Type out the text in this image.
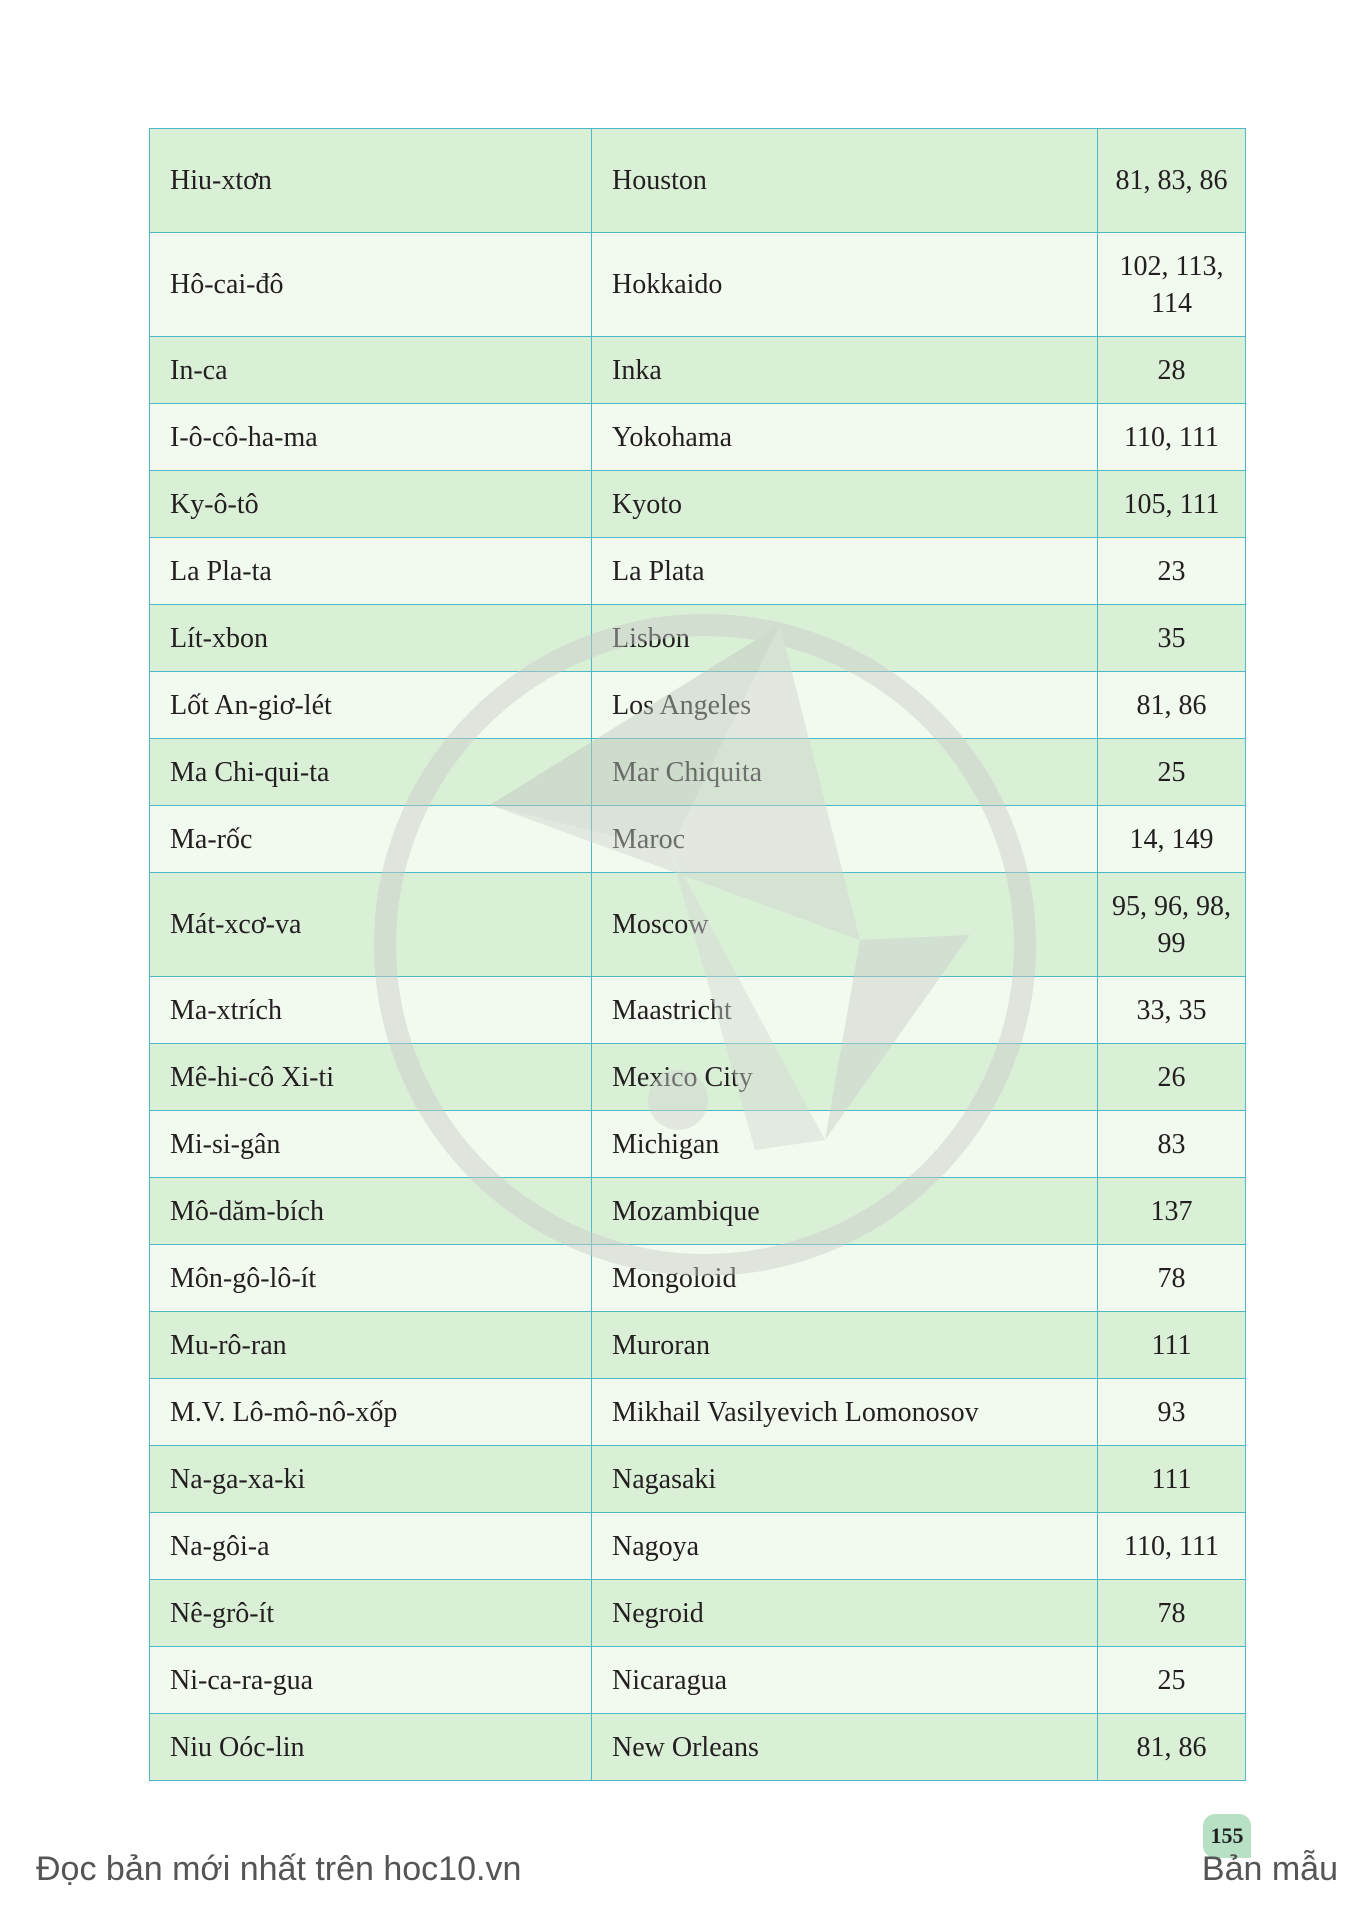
Hiu-xtơn	Houston	81, 83, 86
Hô-cai-đô	Hokkaido	102, 113, 114
In-ca	Inka	28
I-ô-cô-ha-ma	Yokohama	110, 111
Ky-ô-tô	Kyoto	105, 111
La Pla-ta	La Plata	23
Lít-xbon	Lisbon	35
Lốt An-giơ-lét	Los Angeles	81, 86
Ma Chi-qui-ta	Mar Chiquita	25
Ma-rốc	Maroc	14, 149
Mát-xcơ-va	Moscow	95, 96, 98, 99
Ma-xtrích	Maastricht	33, 35
Mê-hi-cô Xi-ti	Mexico City	26
Mi-si-gân	Michigan	83
Mô-dăm-bích	Mozambique	137
Môn-gô-lô-ít	Mongoloid	78
Mu-rô-ran	Muroran	111
M.V. Lô-mô-nô-xốp	Mikhail Vasilyevich Lomonosov	93
Na-ga-xa-ki	Nagasaki	111
Na-gôi-a	Nagoya	110, 111
Nê-grô-ít	Negroid	78
Ni-ca-ra-gua	Nicaragua	25
Niu Oóc-lin	New Orleans	81, 86
155
Đọc bản mới nhất trên hoc10.vn	Bản mẫu
